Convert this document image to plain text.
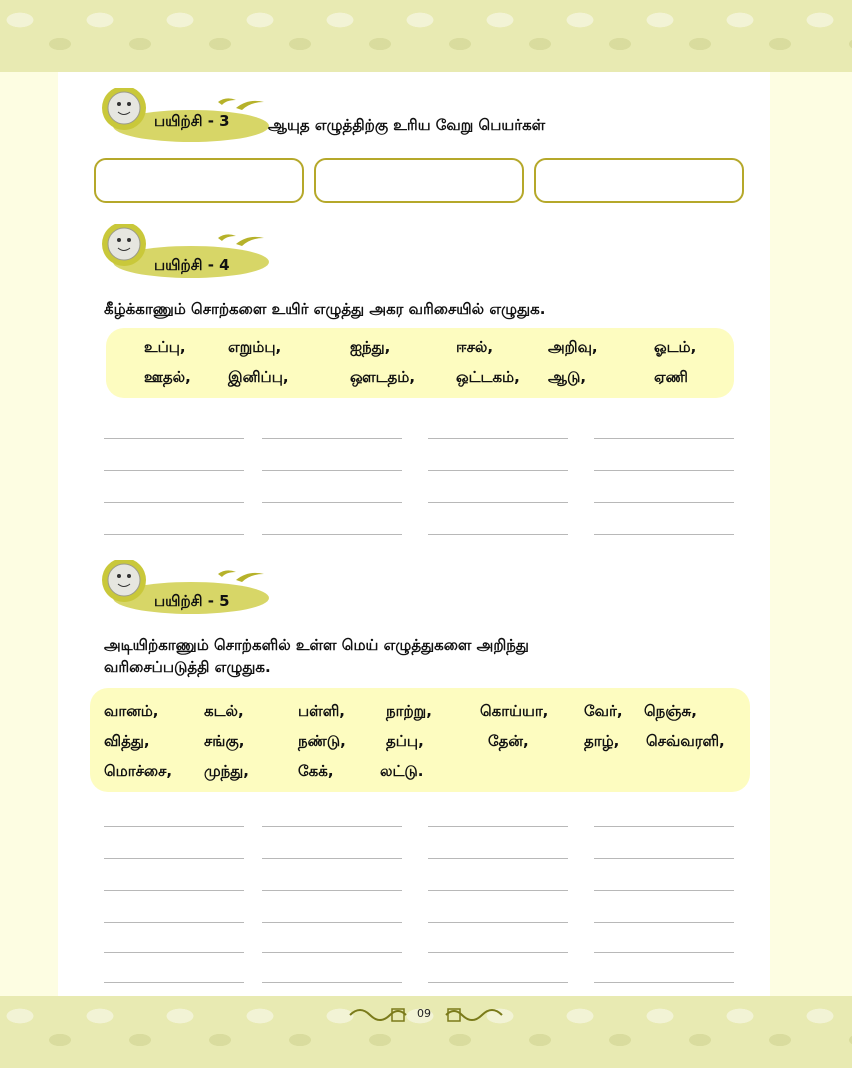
பயிற்சி - 3	ஆயுத எழுத்திற்கு உரிய வேறு பெயர்கள்
பயிற்சி - 4
கீழ்க்காணும் சொற்களை உயிர் எழுத்து அகர வரிசையில் எழுதுக.
உப்பு,	எறும்பு,	ஐந்து,	ஈசல்,	அறிவு,	ஓடம்,
ஊதல், இனிப்பு,	ஔடதம்,	ஒட்டகம், ஆடு,	ஏணி
பயிற்சி - 5
அடியிற்காணும் சொற்களில் உள்ள மெய் எழுத்துகளை அறிந்து
வரிசைப்படுத்தி எழுதுக.
வானம்,	கடல்,	பள்ளி,	நாற்று,	கொய்யா, வேர், நெஞ்சு,
வித்து,	சங்கு,	நண்டு,	தப்பு,	தேன்,	தாழ், செவ்வரளி,
மொச்சை, முந்து,	கேக்,	லட்டு.
09
